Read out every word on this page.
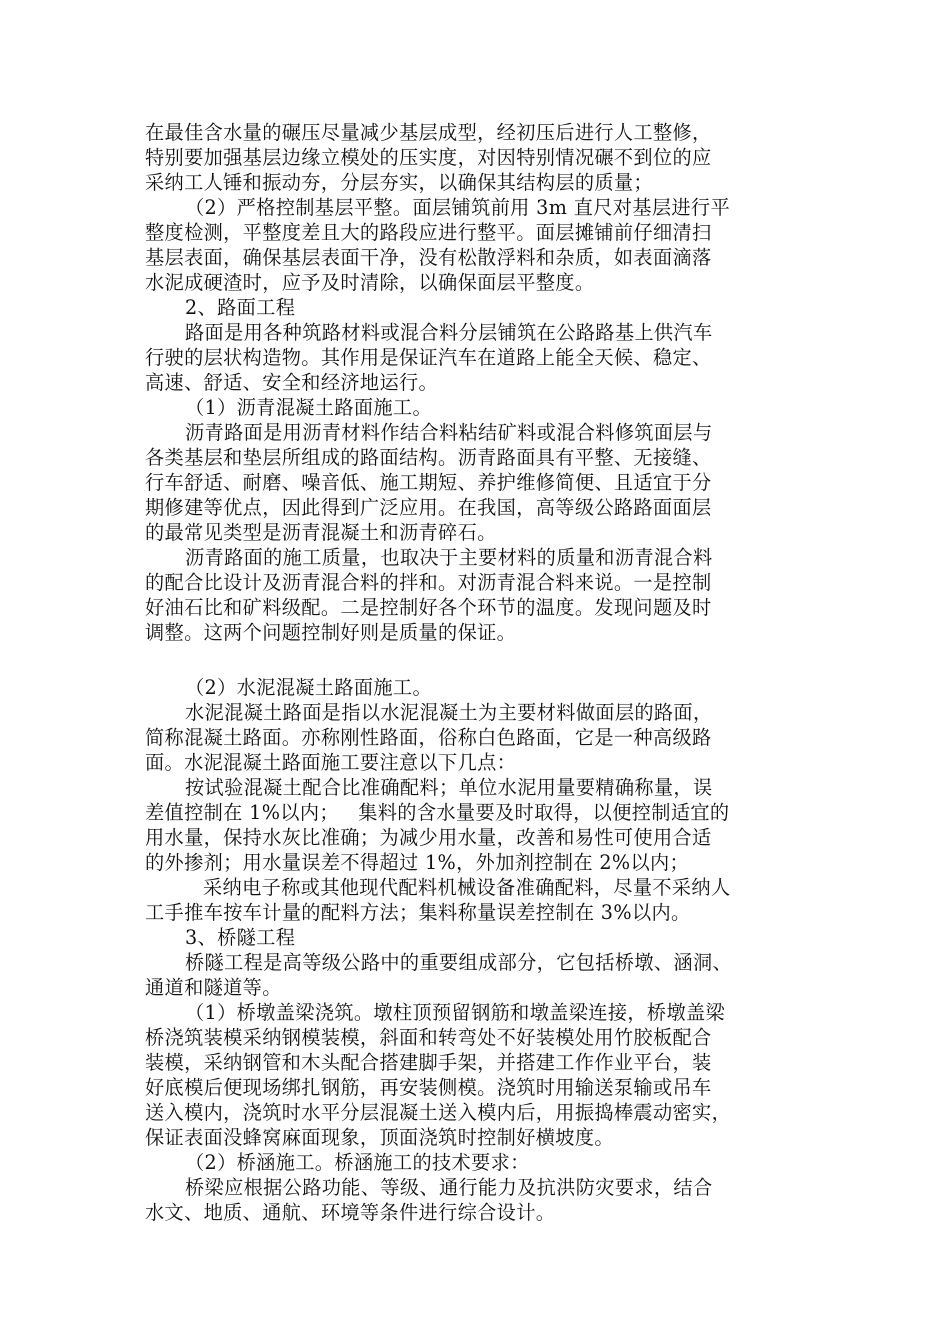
在最佳含水量的碾压尽量减少基层成型，经初压后进行人工整修，
特别要加强基层边缘立模处的压实度，对因特别情况碾不到位的应
采纳工人锤和振动夯，分层夯实，以确保其结构层的质量；
（2）严格控制基层平整。面层铺筑前用 3m 直尺对基层进行平
整度检测，平整度差且大的路段应进行整平。面层摊铺前仔细清扫
基层表面，确保基层表面干净，没有松散浮料和杂质，如表面滴落
水泥成硬渣时，应予及时清除，以确保面层平整度。
2、路面工程
路面是用各种筑路材料或混合料分层铺筑在公路路基上供汽车
行驶的层状构造物。其作用是保证汽车在道路上能全天候、稳定、
高速、舒适、安全和经济地运行。
（1）沥青混凝土路面施工。
沥青路面是用沥青材料作结合料粘结矿料或混合料修筑面层与
各类基层和垫层所组成的路面结构。沥青路面具有平整、无接缝、
行车舒适、耐磨、噪音低、施工期短、养护维修简便、且适宜于分
期修建等优点，因此得到广泛应用。在我国，高等级公路路面面层
的最常见类型是沥青混凝土和沥青碎石。
沥青路面的施工质量，也取决于主要材料的质量和沥青混合料
的配合比设计及沥青混合料的拌和。对沥青混合料来说。一是控制
好油石比和矿料级配。二是控制好各个环节的温度。发现问题及时
调整。这两个问题控制好则是质量的保证。
（2）水泥混凝土路面施工。
水泥混凝土路面是指以水泥混凝土为主要材料做面层的路面，
简称混凝土路面。亦称刚性路面，俗称白色路面，它是一种高级路
面。水泥混凝土路面施工要注意以下几点：
按试验混凝土配合比准确配料；单位水泥用量要精确称量，误
差值控制在 1%以内；   集料的含水量要及时取得，以便控制适宜的
用水量，保持水灰比准确；为减少用水量，改善和易性可使用合适
的外掺剂；用水量误差不得超过 1%，外加剂控制在 2%以内；
采纳电子称或其他现代配料机械设备准确配料，尽量不采纳人
工手推车按车计量的配料方法；集料称量误差控制在 3%以内。
3、桥隧工程
桥隧工程是高等级公路中的重要组成部分，它包括桥墩、涵洞、
通道和隧道等。
（1）桥墩盖梁浇筑。墩柱顶预留钢筋和墩盖梁连接，桥墩盖梁
桥浇筑装模采纳钢模装模，斜面和转弯处不好装模处用竹胶板配合
装模，采纳钢管和木头配合搭建脚手架，并搭建工作作业平台，装
好底模后便现场绑扎钢筋，再安装侧模。浇筑时用输送泵输或吊车
送入模内，浇筑时水平分层混凝土送入模内后，用振捣棒震动密实，
保证表面没蜂窝麻面现象，顶面浇筑时控制好横坡度。
（2）桥涵施工。桥涵施工的技术要求：
桥梁应根据公路功能、等级、通行能力及抗洪防灾要求，结合
水文、地质、通航、环境等条件进行综合设计。
